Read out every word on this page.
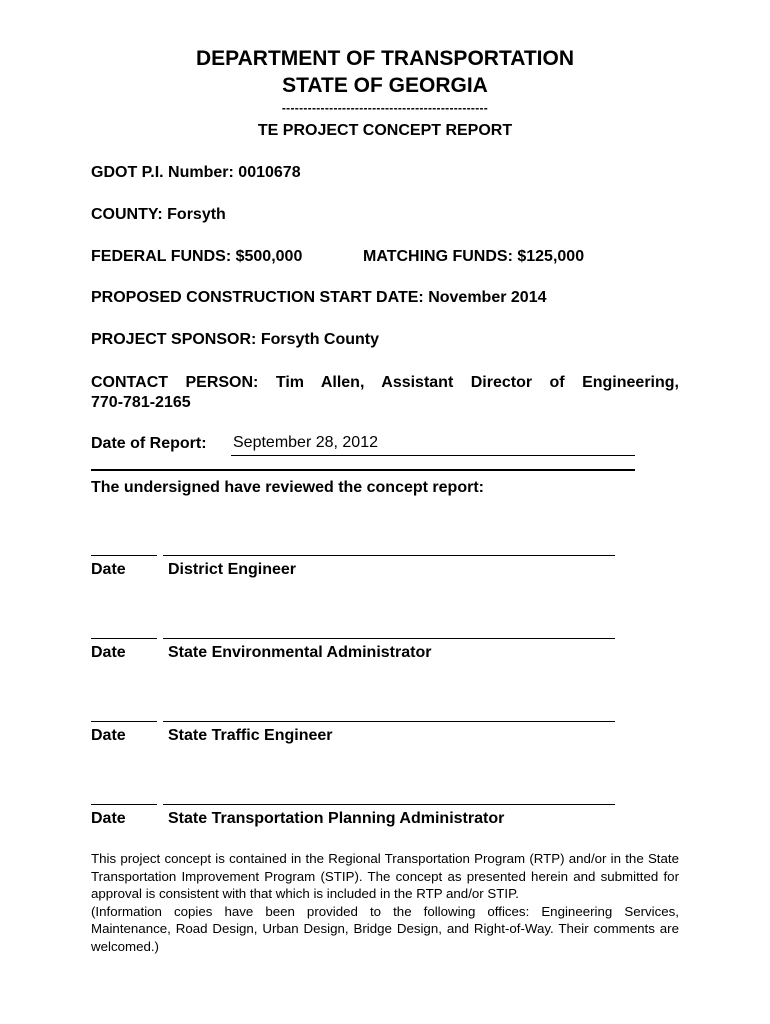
DEPARTMENT OF TRANSPORTATION
STATE OF GEORGIA
------------------------------------------------
TE PROJECT CONCEPT REPORT
GDOT P.I. Number: 0010678
COUNTY: Forsyth
FEDERAL FUNDS: $500,000	MATCHING FUNDS: $125,000
PROPOSED CONSTRUCTION START DATE: November 2014
PROJECT SPONSOR: Forsyth County
CONTACT PERSON: Tim Allen, Assistant Director of Engineering,
770-781-2165
Date of Report: September 28, 2012
The undersigned have reviewed the concept report:
Date	District Engineer
Date	State Environmental Administrator
Date	State Traffic Engineer
Date	State Transportation Planning Administrator

This project concept is contained in the Regional Transportation Program (RTP) and/or in the State Transportation Improvement Program (STIP). The concept as presented herein and submitted for approval is consistent with that which is included in the RTP and/or STIP.

(Information copies have been provided to the following offices: Engineering Services, Maintenance, Road Design, Urban Design, Bridge Design, and Right-of-Way. Their comments are welcomed.)
